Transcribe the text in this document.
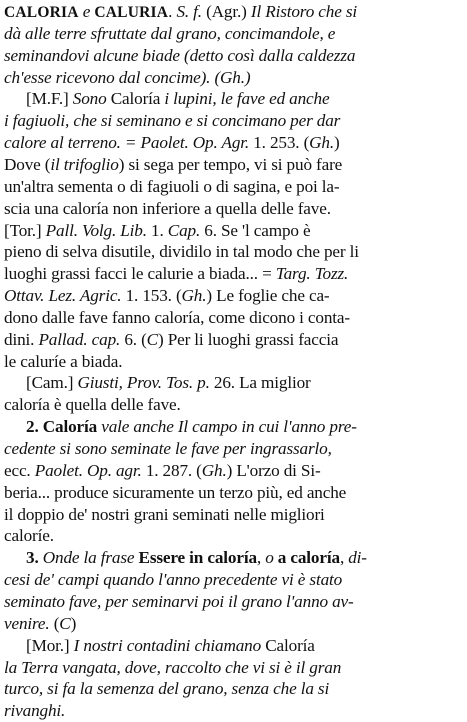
CALORIA e CALURIA. S. f. (Agr.) Il Ristoro che si
dà alle terre sfruttate dal grano, concimandole, e
seminandovi alcune biade (detto così dalla caldezza
ch'esse ricevono dal concime). (Gh.)
[M.F.] Sono Caloría i lupini, le fave ed anche
i fagiuoli, che si seminano e si concimano per dar
calore al terreno. = Paolet. Op. Agr. 1. 253. (Gh.)
Dove (il trifoglio) si sega per tempo, vi si può fare
un'altra sementa o di fagiuoli o di sagina, e poi la-
scia una caloría non inferiore a quella delle fave.
[Tor.] Pall. Volg. Lib. 1. Cap. 6. Se 'l campo è
pieno di selva disutile, dividilo in tal modo che per li
luoghi grassi facci le calurie a biada... = Targ. Tozz.
Ottav. Lez. Agric. 1. 153. (Gh.) Le foglie che ca-
dono dalle fave fanno caloría, come dicono i conta-
dini. Pallad. cap. 6. (C) Per li luoghi grassi faccia
le caluríe a biada.
[Cam.] Giusti, Prov. Tos. p. 26. La miglior
caloría è quella delle fave.
2. Caloría vale anche Il campo in cui l'anno pre-
cedente si sono seminate le fave per ingrassarlo,
ecc. Paolet. Op. agr. 1. 287. (Gh.) L'orzo di Si-
beria... produce sicuramente un terzo più, ed anche
il doppio de' nostri grani seminati nelle migliori
caloríe.
3. Onde la frase Essere in caloría, o a caloría, di-
cesi de' campi quando l'anno precedente vi è stato
seminato fave, per seminarvi poi il grano l'anno av-
venire. (C)
[Mor.] I nostri contadini chiamano Caloría
la Terra vangata, dove, raccolto che vi si è il gran
turco, si fa la semenza del grano, senza che la si
rivanghi.
